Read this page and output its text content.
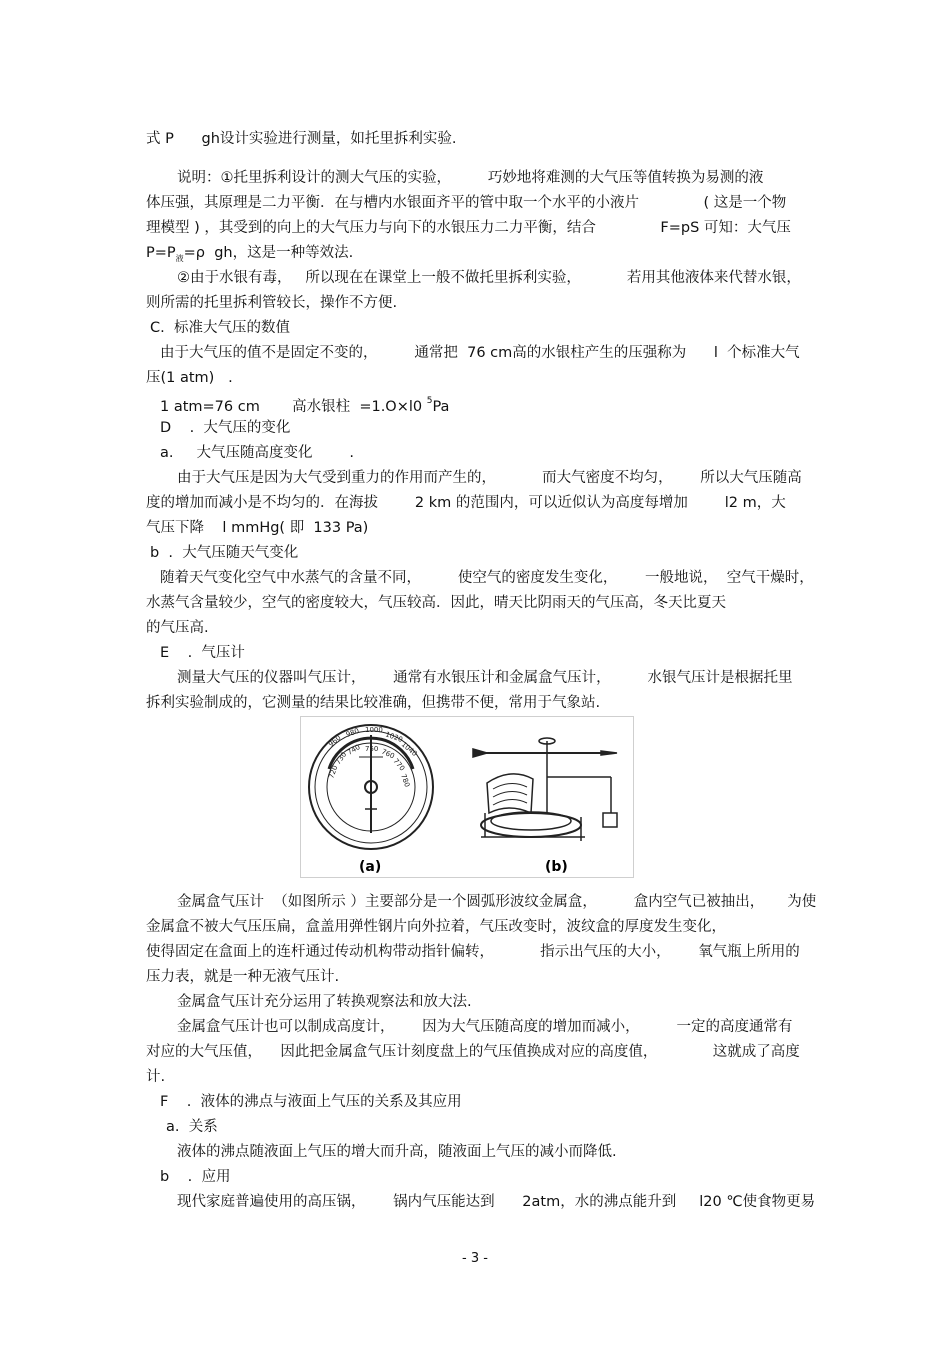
式 P      gh设计实验进行测量，如托里拆利实验.
说明：①托里拆利设计的测大气压的实验，        巧妙地将难测的大气压等值转换为易测的液
体压强，其原理是二力平衡．在与槽内水银面齐平的管中取一个水平的小液片              ( 这是一个物
理模型 ) ，其受到的向上的大气压力与向下的水银压力二力平衡，结合              F=pS 可知：大气压
$P=P_液=\rho$  gh，这是一种等效法.
②由于水银有毒，   所以现在在课堂上一般不做托里拆利实验，          若用其他液体来代替水银，
则所需的托里拆利管较长，操作不方便.
C.  标准大气压的数值
由于大气压的值不是固定不变的，        通常把  76 cm高的水银柱产生的压强称为      l  个标准大气
压(1 atm)   .
1 atm=76 cm       高水银柱  =1.O×l0 $^5$Pa
D    .  大气压的变化
a.     大气压随高度变化        .
由于大气压是因为大气受到重力的作用而产生的，          而大气密度不均匀，      所以大气压随高
度的增加而减小是不均匀的．在海拔        2 km 的范围内，可以近似认为高度每增加        l2 m，大
气压下降    l mmHg( 即  133 Pa)
b  .  大气压随天气变化
随着天气变化空气中水蒸气的含量不同，        使空气的密度发生变化，      一般地说，  空气干燥时，
水蒸气含量较少，空气的密度较大，气压较高．因此，晴天比阴雨天的气压高，冬天比夏天
的气压高.
E    .  气压计
测量大气压的仪器叫气压计，      通常有水银压计和金属盒气压计，        水银气压计是根据托里
拆利实验制成的，它测量的结果比较准确，但携带不便，常用于气象站.
960
980 1000
1020
1040
720
730
740 750 760
770
780
(a)	(b)
金属盒气压计  （如图所示 ）主要部分是一个圆弧形波纹金属盒，        盒内空气已被抽出，     为使
金属盒不被大气压压扁，盒盖用弹性钢片向外拉着，气压改变时，波纹盒的厚度发生变化，
使得固定在盒面上的连杆通过传动机构带动指针偏转，          指示出气压的大小，      氧气瓶上所用的
压力表，就是一种无液气压计.
金属盒气压计充分运用了转换观察法和放大法.
金属盒气压计也可以制成高度计，      因为大气压随高度的增加而减小，        一定的高度通常有
对应的大气压值，    因此把金属盒气压计刻度盘上的气压值换成对应的高度值，            这就成了高度
计.
F    .  液体的沸点与液面上气压的关系及其应用
a.  关系
液体的沸点随液面上气压的增大而升高，随液面上气压的减小而降低.
b    .  应用
现代家庭普遍使用的高压锅，      锅内气压能达到      2atm，水的沸点能升到     l20 ℃使食物更易
- 3 -
